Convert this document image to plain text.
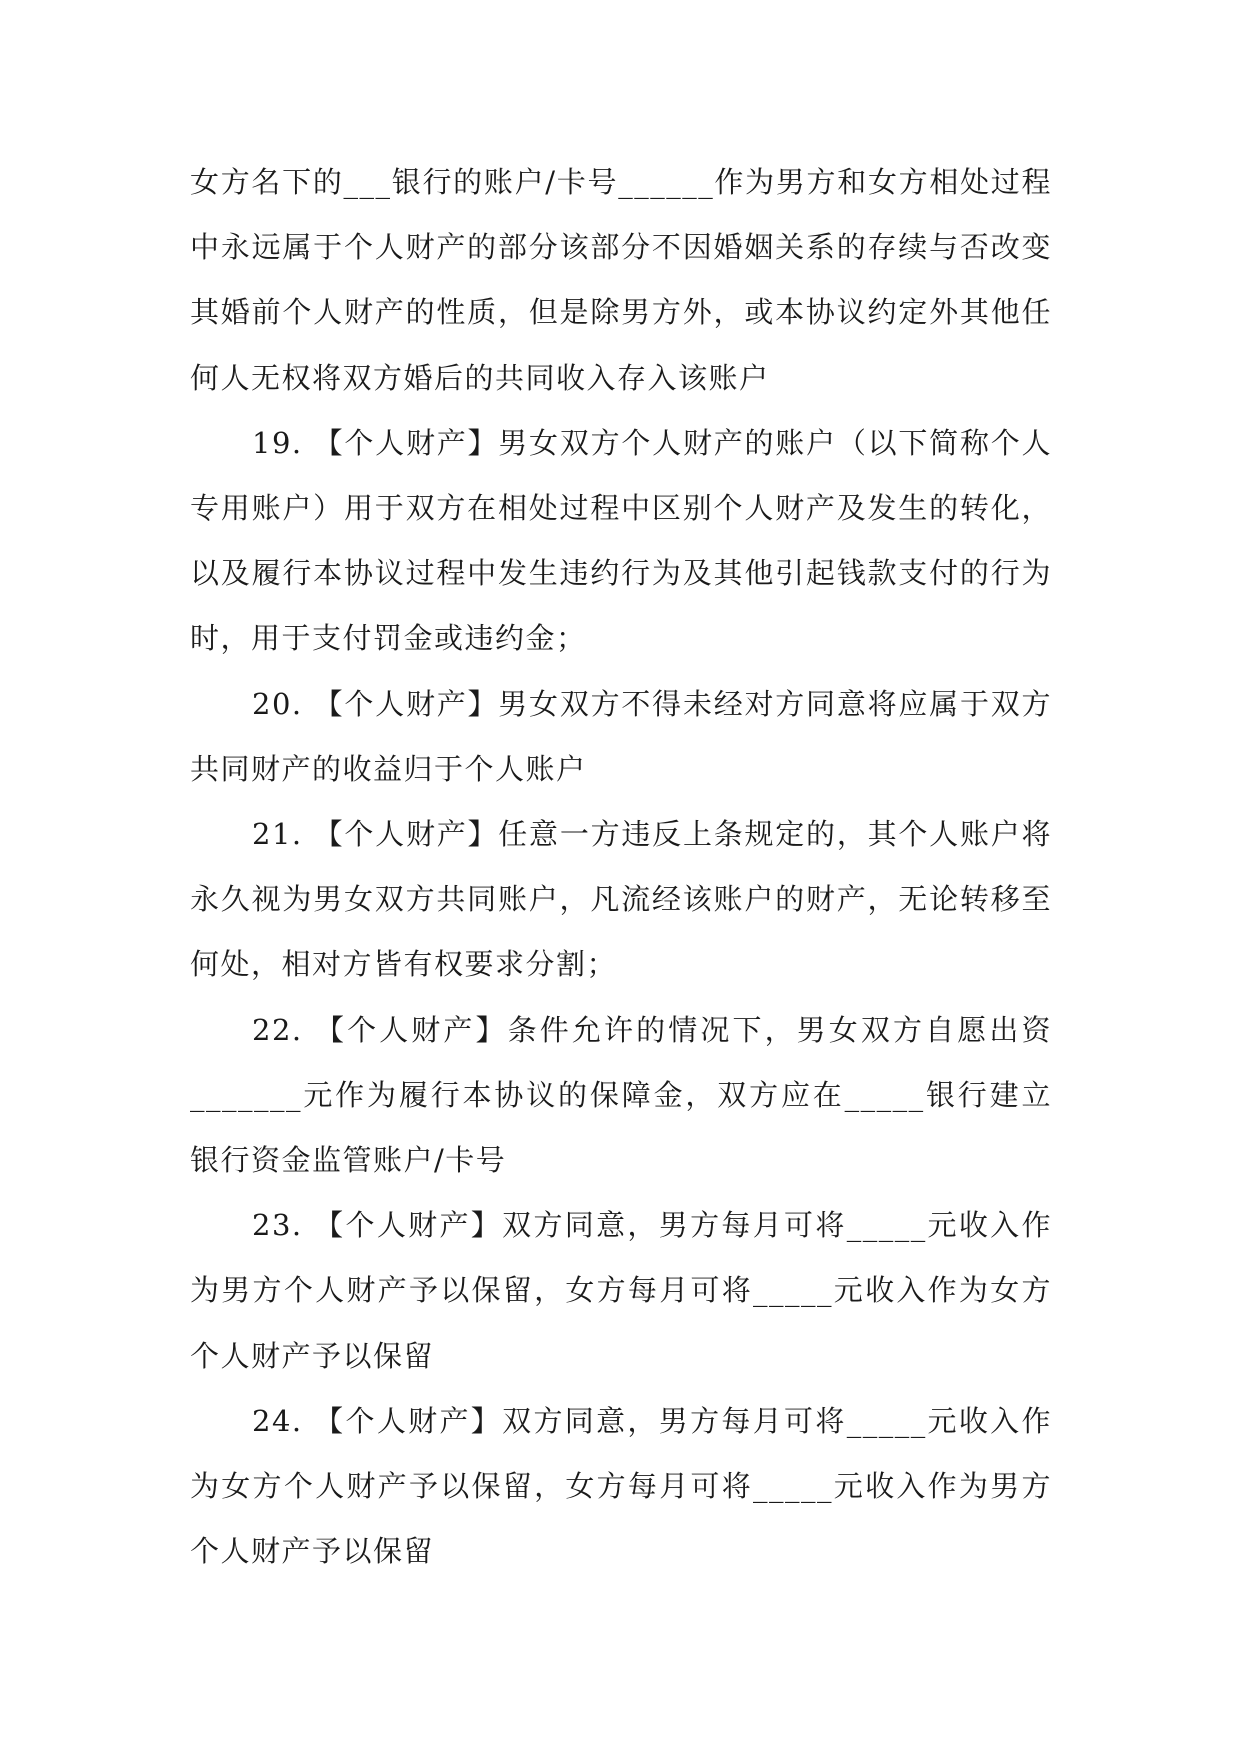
女方名下的___银行的账户/卡号______作为男方和女方相处过程中永远属于个人财产的部分该部分不因婚姻关系的存续与否改变其婚前个人财产的性质，但是除男方外，或本协议约定外其他任何人无权将双方婚后的共同收入存入该账户

19. 【个人财产】男女双方个人财产的账户（以下简称个人专用账户）用于双方在相处过程中区别个人财产及发生的转化，以及履行本协议过程中发生违约行为及其他引起钱款支付的行为时，用于支付罚金或违约金；

20. 【个人财产】男女双方不得未经对方同意将应属于双方共同财产的收益归于个人账户

21. 【个人财产】任意一方违反上条规定的，其个人账户将永久视为男女双方共同账户，凡流经该账户的财产，无论转移至何处，相对方皆有权要求分割；

22. 【个人财产】条件允许的情况下，男女双方自愿出资_______元作为履行本协议的保障金，双方应在_____银行建立银行资金监管账户/卡号

23. 【个人财产】双方同意，男方每月可将_____元收入作为男方个人财产予以保留，女方每月可将_____元收入作为女方个人财产予以保留

24. 【个人财产】双方同意，男方每月可将_____元收入作为女方个人财产予以保留，女方每月可将_____元收入作为男方个人财产予以保留
